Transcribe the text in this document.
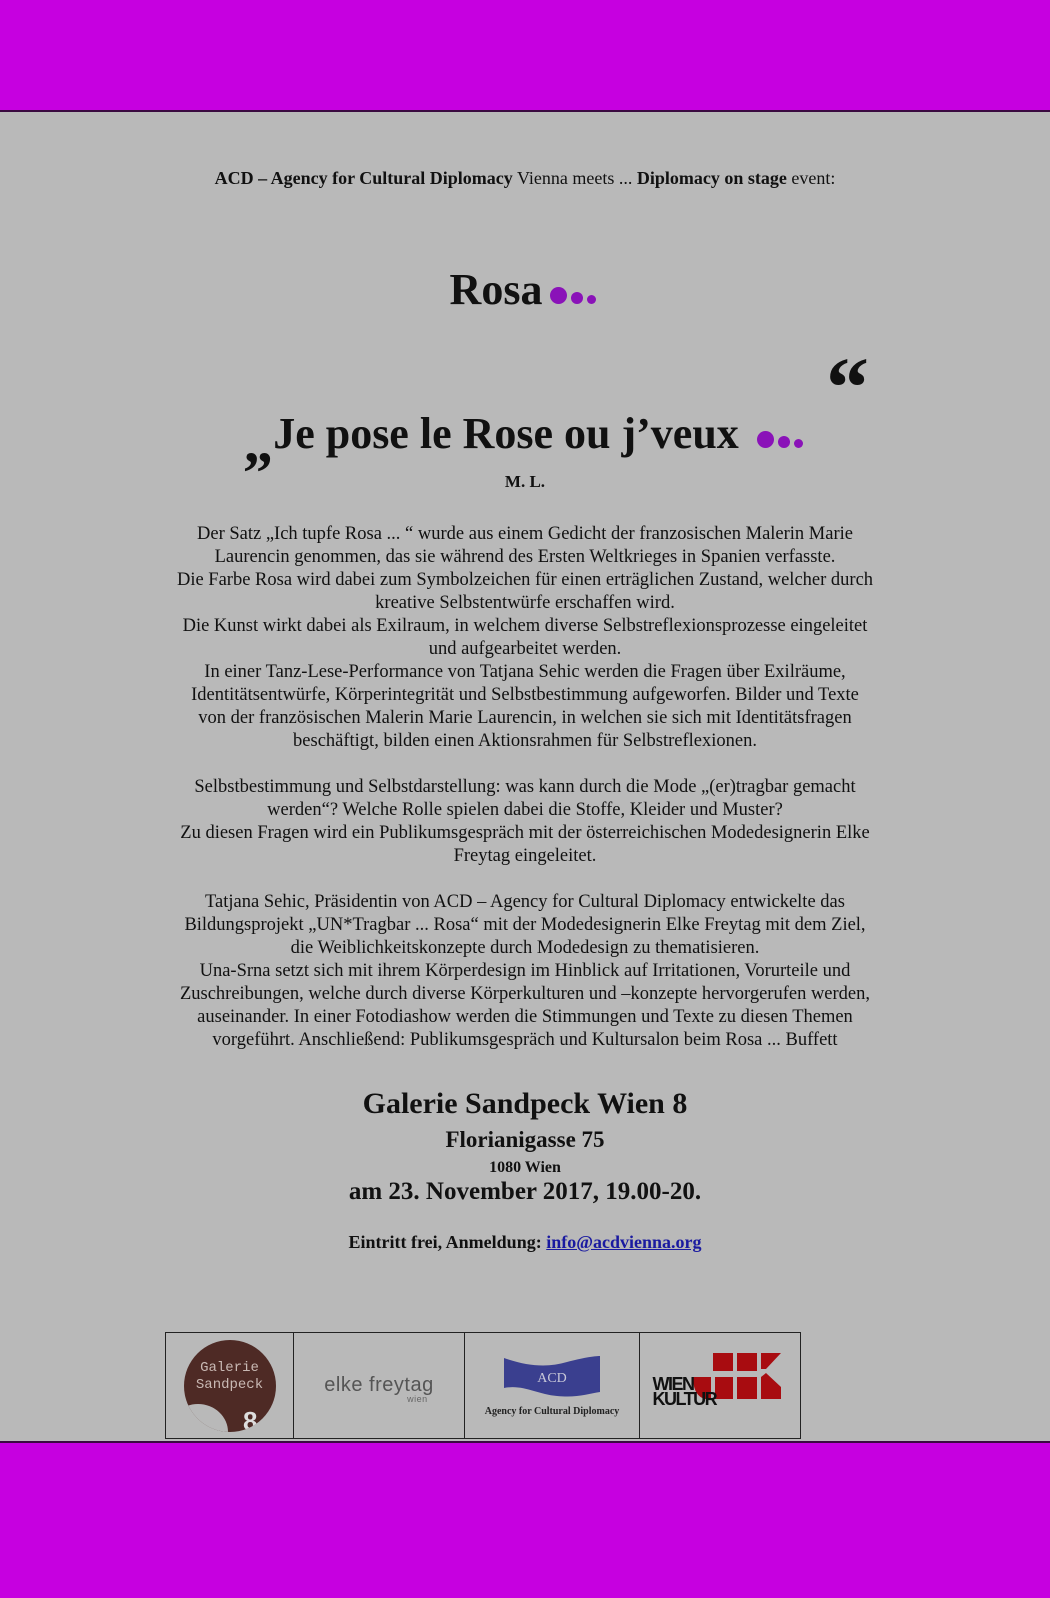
ACD – Agency for Cultural Diplomacy Vienna meets ... Diplomacy on stage event:
Rosa
„Je pose le Rose ou j’veux	“
M. L.

Der Satz „Ich tupfe Rosa ... “ wurde aus einem Gedicht der franzosischen Malerin Marie
Laurencin genommen, das sie während des Ersten Weltkrieges in Spanien verfasste.
Die Farbe Rosa wird dabei zum Symbolzeichen für einen erträglichen Zustand, welcher durch
kreative Selbstentwürfe erschaffen wird.
Die Kunst wirkt dabei als Exilraum, in welchem diverse Selbstreflexionsprozesse eingeleitet
und aufgearbeitet werden.
In einer Tanz-Lese-Performance von Tatjana Sehic werden die Fragen über Exilräume,
Identitätsentwürfe, Körperintegrität und Selbstbestimmung aufgeworfen. Bilder und Texte
von der französischen Malerin Marie Laurencin, in welchen sie sich mit Identitätsfragen
beschäftigt, bilden einen Aktionsrahmen für Selbstreflexionen.

Selbstbestimmung und Selbstdarstellung: was kann durch die Mode „(er)tragbar gemacht
werden“? Welche Rolle spielen dabei die Stoffe, Kleider und Muster?
Zu diesen Fragen wird ein Publikumsgespräch mit der österreichischen Modedesignerin Elke
Freytag eingeleitet.

Tatjana Sehic, Präsidentin von ACD – Agency for Cultural Diplomacy entwickelte das
Bildungsprojekt „UN*Tragbar ... Rosa“ mit der Modedesignerin Elke Freytag mit dem Ziel,
die Weiblichkeitskonzepte durch Modedesign zu thematisieren.
Una-Srna setzt sich mit ihrem Körperdesign im Hinblick auf Irritationen, Vorurteile und
Zuschreibungen, welche durch diverse Körperkulturen und –konzepte hervorgerufen werden,
auseinander. In einer Fotodiashow werden die Stimmungen und Texte zu diesen Themen
vorgeführt. Anschließend: Publikumsgespräch und Kultursalon beim Rosa ... Buffett

Galerie Sandpeck Wien 8
Florianigasse 75
1080 Wien
am 23. November 2017, 19.00-20.
Eintritt frei, Anmeldung: info@acdvienna.org
Galerie
Sandpeck
8
elke freytag
wien
ACD
Agency for Cultural Diplomacy
WIEN
KULTUR
